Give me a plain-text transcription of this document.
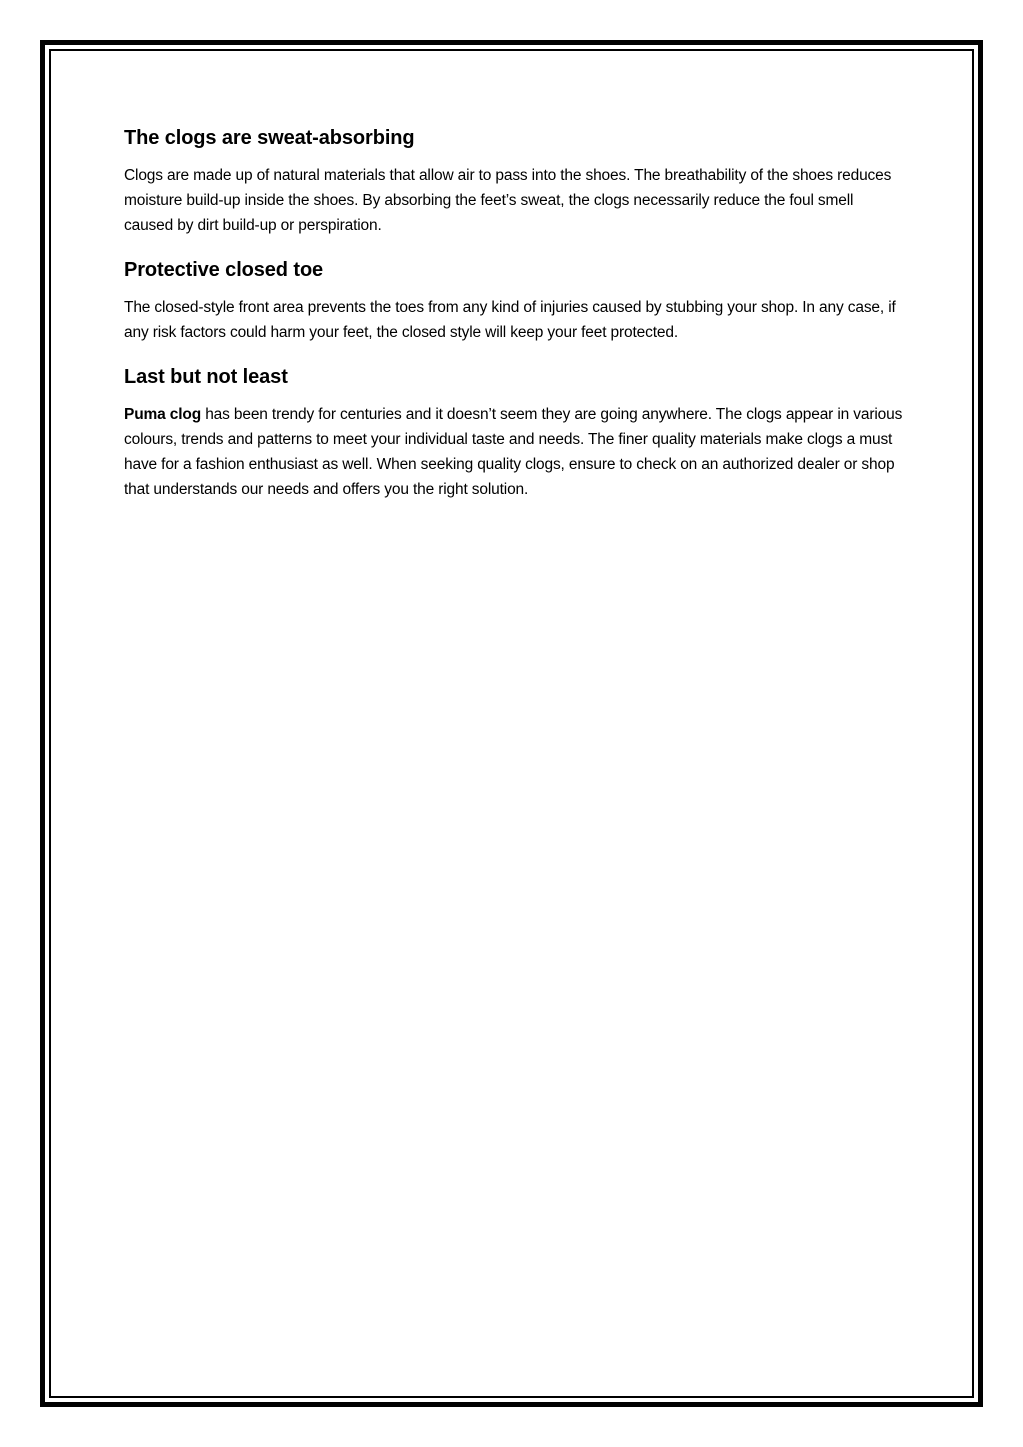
The clogs are sweat-absorbing

Clogs are made up of natural materials that allow air to pass into the shoes. The breathability of the shoes reduces moisture build-up inside the shoes. By absorbing the feet’s sweat, the clogs necessarily reduce the foul smell caused by dirt build-up or perspiration.

Protective closed toe

The closed-style front area prevents the toes from any kind of injuries caused by stubbing your shop. In any case, if any risk factors could harm your feet, the closed style will keep your feet protected.

Last but not least

Puma clog has been trendy for centuries and it doesn’t seem they are going anywhere. The clogs appear in various colours, trends and patterns to meet your individual taste and needs. The finer quality materials make clogs a must have for a fashion enthusiast as well. When seeking quality clogs, ensure to check on an authorized dealer or shop that understands our needs and offers you the right solution.
